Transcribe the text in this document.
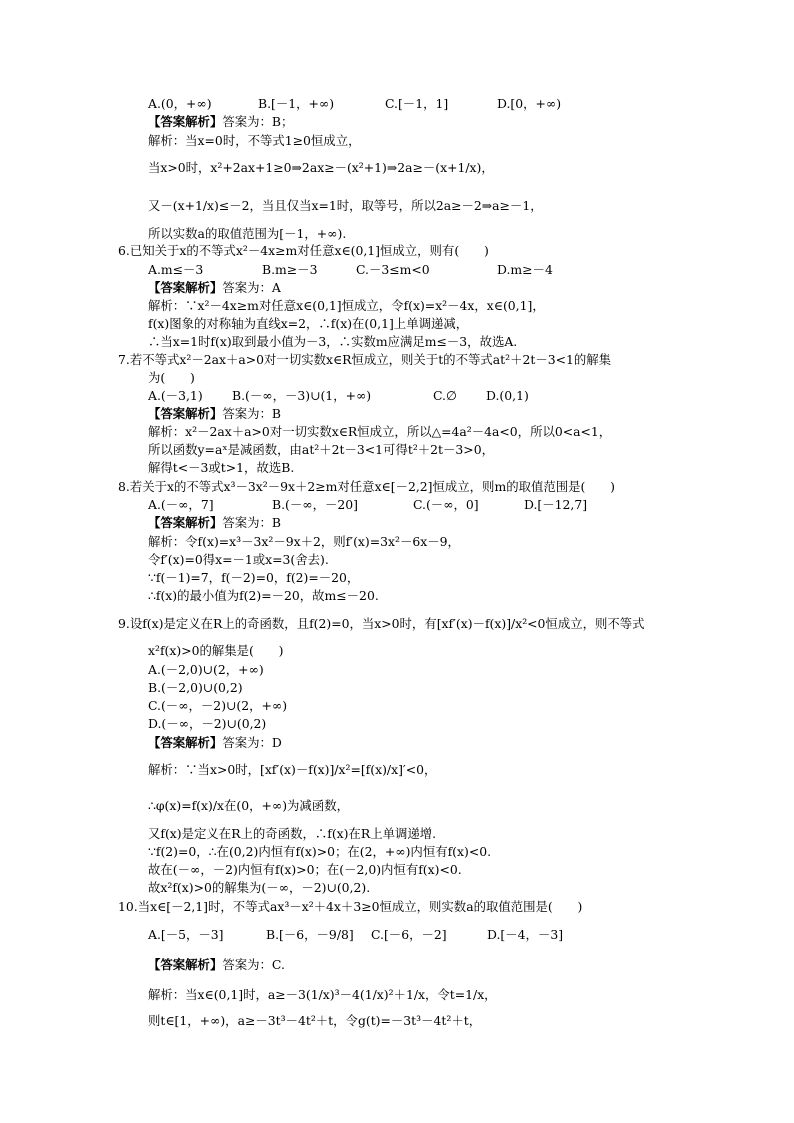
A.(0，+∞)	B.[－1，+∞)	C.[－1，1]	D.[0，+∞)
【答案解析】答案为：B；
解析：当x=0时，不等式1≥0恒成立，
当x>0时，x²+2ax+1≥0⇒2ax≥－(x²+1)⇒2a≥－(x+1/x)，
又－(x+1/x)≤－2，当且仅当x=1时，取等号，所以2a≥－2⇒a≥－1，
所以实数a的取值范围为[－1，+∞).
6.已知关于x的不等式x²－4x≥m对任意x∈(0,1]恒成立，则有(　　)
A.m≤－3	B.m≥－3	C.－3≤m<0	D.m≥－4
【答案解析】答案为：A
解析：∵x²－4x≥m对任意x∈(0,1]恒成立，令f(x)=x²－4x，x∈(0,1]，
f(x)图象的对称轴为直线x=2，∴f(x)在(0,1]上单调递减，
∴当x=1时f(x)取到最小值为－3，∴实数m应满足m≤－3，故选A.
7.若不等式x²－2ax＋a>0对一切实数x∈R恒成立，则关于t的不等式at²＋2t－3<1的解集
为(　　)
A.(－3,1) B.(－∞，－3)∪(1，+∞)	C.∅ D.(0,1)
【答案解析】答案为：B
解析：x²－2ax＋a>0对一切实数x∈R恒成立，所以△=4a²－4a<0，所以0<a<1，
所以函数y=aˣ是减函数，由at²＋2t－3<1可得t²＋2t－3>0，
解得t<－3或t>1，故选B.
8.若关于x的不等式x³－3x²－9x＋2≥m对任意x∈[－2,2]恒成立，则m的取值范围是(　　)
A.(－∞，7]	B.(－∞，－20]	C.(－∞，0]	D.[－12,7]
【答案解析】答案为：B
解析：令f(x)=x³－3x²－9x＋2，则f′(x)=3x²－6x－9，
令f′(x)=0得x=－1或x=3(舍去).
∵f(－1)=7，f(－2)=0，f(2)=－20，
∴f(x)的最小值为f(2)=－20，故m≤－20.
9.设f(x)是定义在R上的奇函数，且f(2)=0，当x>0时，有[xf′(x)－f(x)]/x²<0恒成立，则不等式
x²f(x)>0的解集是(　　)
A.(－2,0)∪(2，+∞)
B.(－2,0)∪(0,2)
C.(－∞，－2)∪(2，+∞)
D.(－∞，－2)∪(0,2)
【答案解析】答案为：D
解析：∵当x>0时，[xf′(x)－f(x)]/x²=[f(x)/x]′<0，
∴φ(x)=f(x)/x在(0，+∞)为减函数，
又f(x)是定义在R上的奇函数，∴f(x)在R上单调递增.
∵f(2)=0，∴在(0,2)内恒有f(x)>0；在(2，+∞)内恒有f(x)<0.
故在(－∞，－2)内恒有f(x)>0；在(－2,0)内恒有f(x)<0.
故x²f(x)>0的解集为(－∞，－2)∪(0,2).
10.当x∈[－2,1]时，不等式ax³－x²＋4x＋3≥0恒成立，则实数a的取值范围是(　　)
A.[－5，－3]	B.[－6，－9/8] C.[－6，－2]	D.[－4，－3]
【答案解析】答案为：C.
解析：当x∈(0,1]时，a≥－3(1/x)³－4(1/x)²＋1/x，令t=1/x，
则t∈[1，+∞)，a≥－3t³－4t²＋t，令g(t)=－3t³－4t²＋t，
